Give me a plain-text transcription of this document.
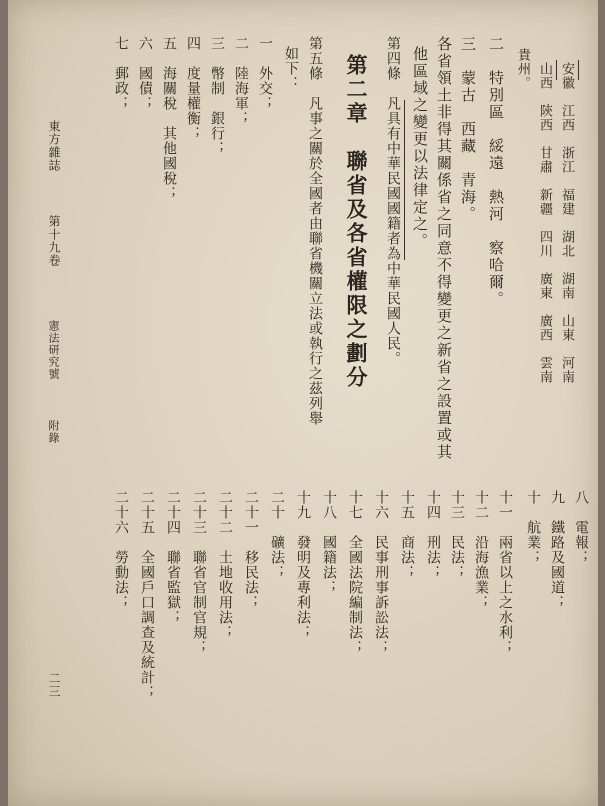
東方雜誌
第十九卷
憲法研究號
附錄
二三
安徽　江西　浙江　福建　湖北　湖南　山東　河南
山西　陝西　甘肅　新疆　四川　廣東　廣西　雲南
貴州。
二　特別區　綏遠　熱河　察哈爾。
三　蒙古　西藏　青海。
各省領土非得其關係省之同意不得變更之新省之設置或其
他區域之變更以法律定之。
第四條　凡具有中華民國國籍者為中華民國人民。
第二章　聯省及各省權限之劃分
第五條　凡事之關於全國者由聯省機關立法或執行之茲列舉
如下：
一　外交；
二　陸海軍；
三　幣制　銀行；
四　度量權衡；
五　海關稅　其他國稅；
六　國債；
七　郵政；
八　電報；
九　鐵路及國道；
十　航業；
十一　兩省以上之水利；
十二　沿海漁業；
十三　民法；
十四　刑法；
十五　商法；
十六　民事刑事訴訟法；
十七　全國法院編制法；
十八　國籍法；
十九　發明及專利法；
二十　礦法；
二十一　移民法；
二十二　土地收用法；
二十三　聯省官制官規；
二十四　聯省監獄；
二十五　全國戶口調查及統計；
二十六　勞動法；
